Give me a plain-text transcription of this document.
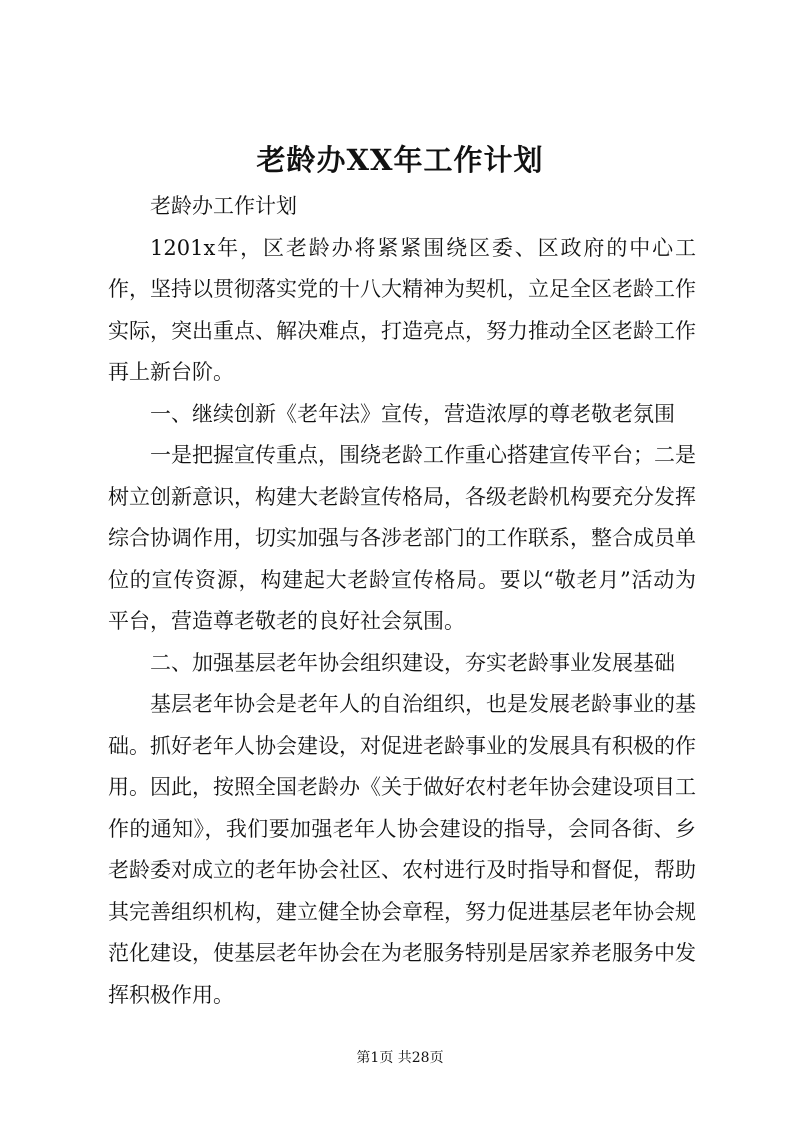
老龄办XX年工作计划

老龄办工作计划

1201x年，区老龄办将紧紧围绕区委、区政府的中心工作，坚持以贯彻落实党的十八大精神为契机，立足全区老龄工作实际，突出重点、解决难点，打造亮点，努力推动全区老龄工作再上新台阶。

一、继续创新《老年法》宣传，营造浓厚的尊老敬老氛围

一是把握宣传重点，围绕老龄工作重心搭建宣传平台；二是树立创新意识，构建大老龄宣传格局，各级老龄机构要充分发挥综合协调作用，切实加强与各涉老部门的工作联系，整合成员单位的宣传资源，构建起大老龄宣传格局。要以“敬老月”活动为平台，营造尊老敬老的良好社会氛围。

二、加强基层老年协会组织建设，夯实老龄事业发展基础

基层老年协会是老年人的自治组织，也是发展老龄事业的基础。抓好老年人协会建设，对促进老龄事业的发展具有积极的作用。因此，按照全国老龄办《关于做好农村老年协会建设项目工作的通知》，我们要加强老年人协会建设的指导，会同各街、乡老龄委对成立的老年协会社区、农村进行及时指导和督促，帮助其完善组织机构，建立健全协会章程，努力促进基层老年协会规范化建设，使基层老年协会在为老服务特别是居家养老服务中发挥积极作用。

第1页 共28页
